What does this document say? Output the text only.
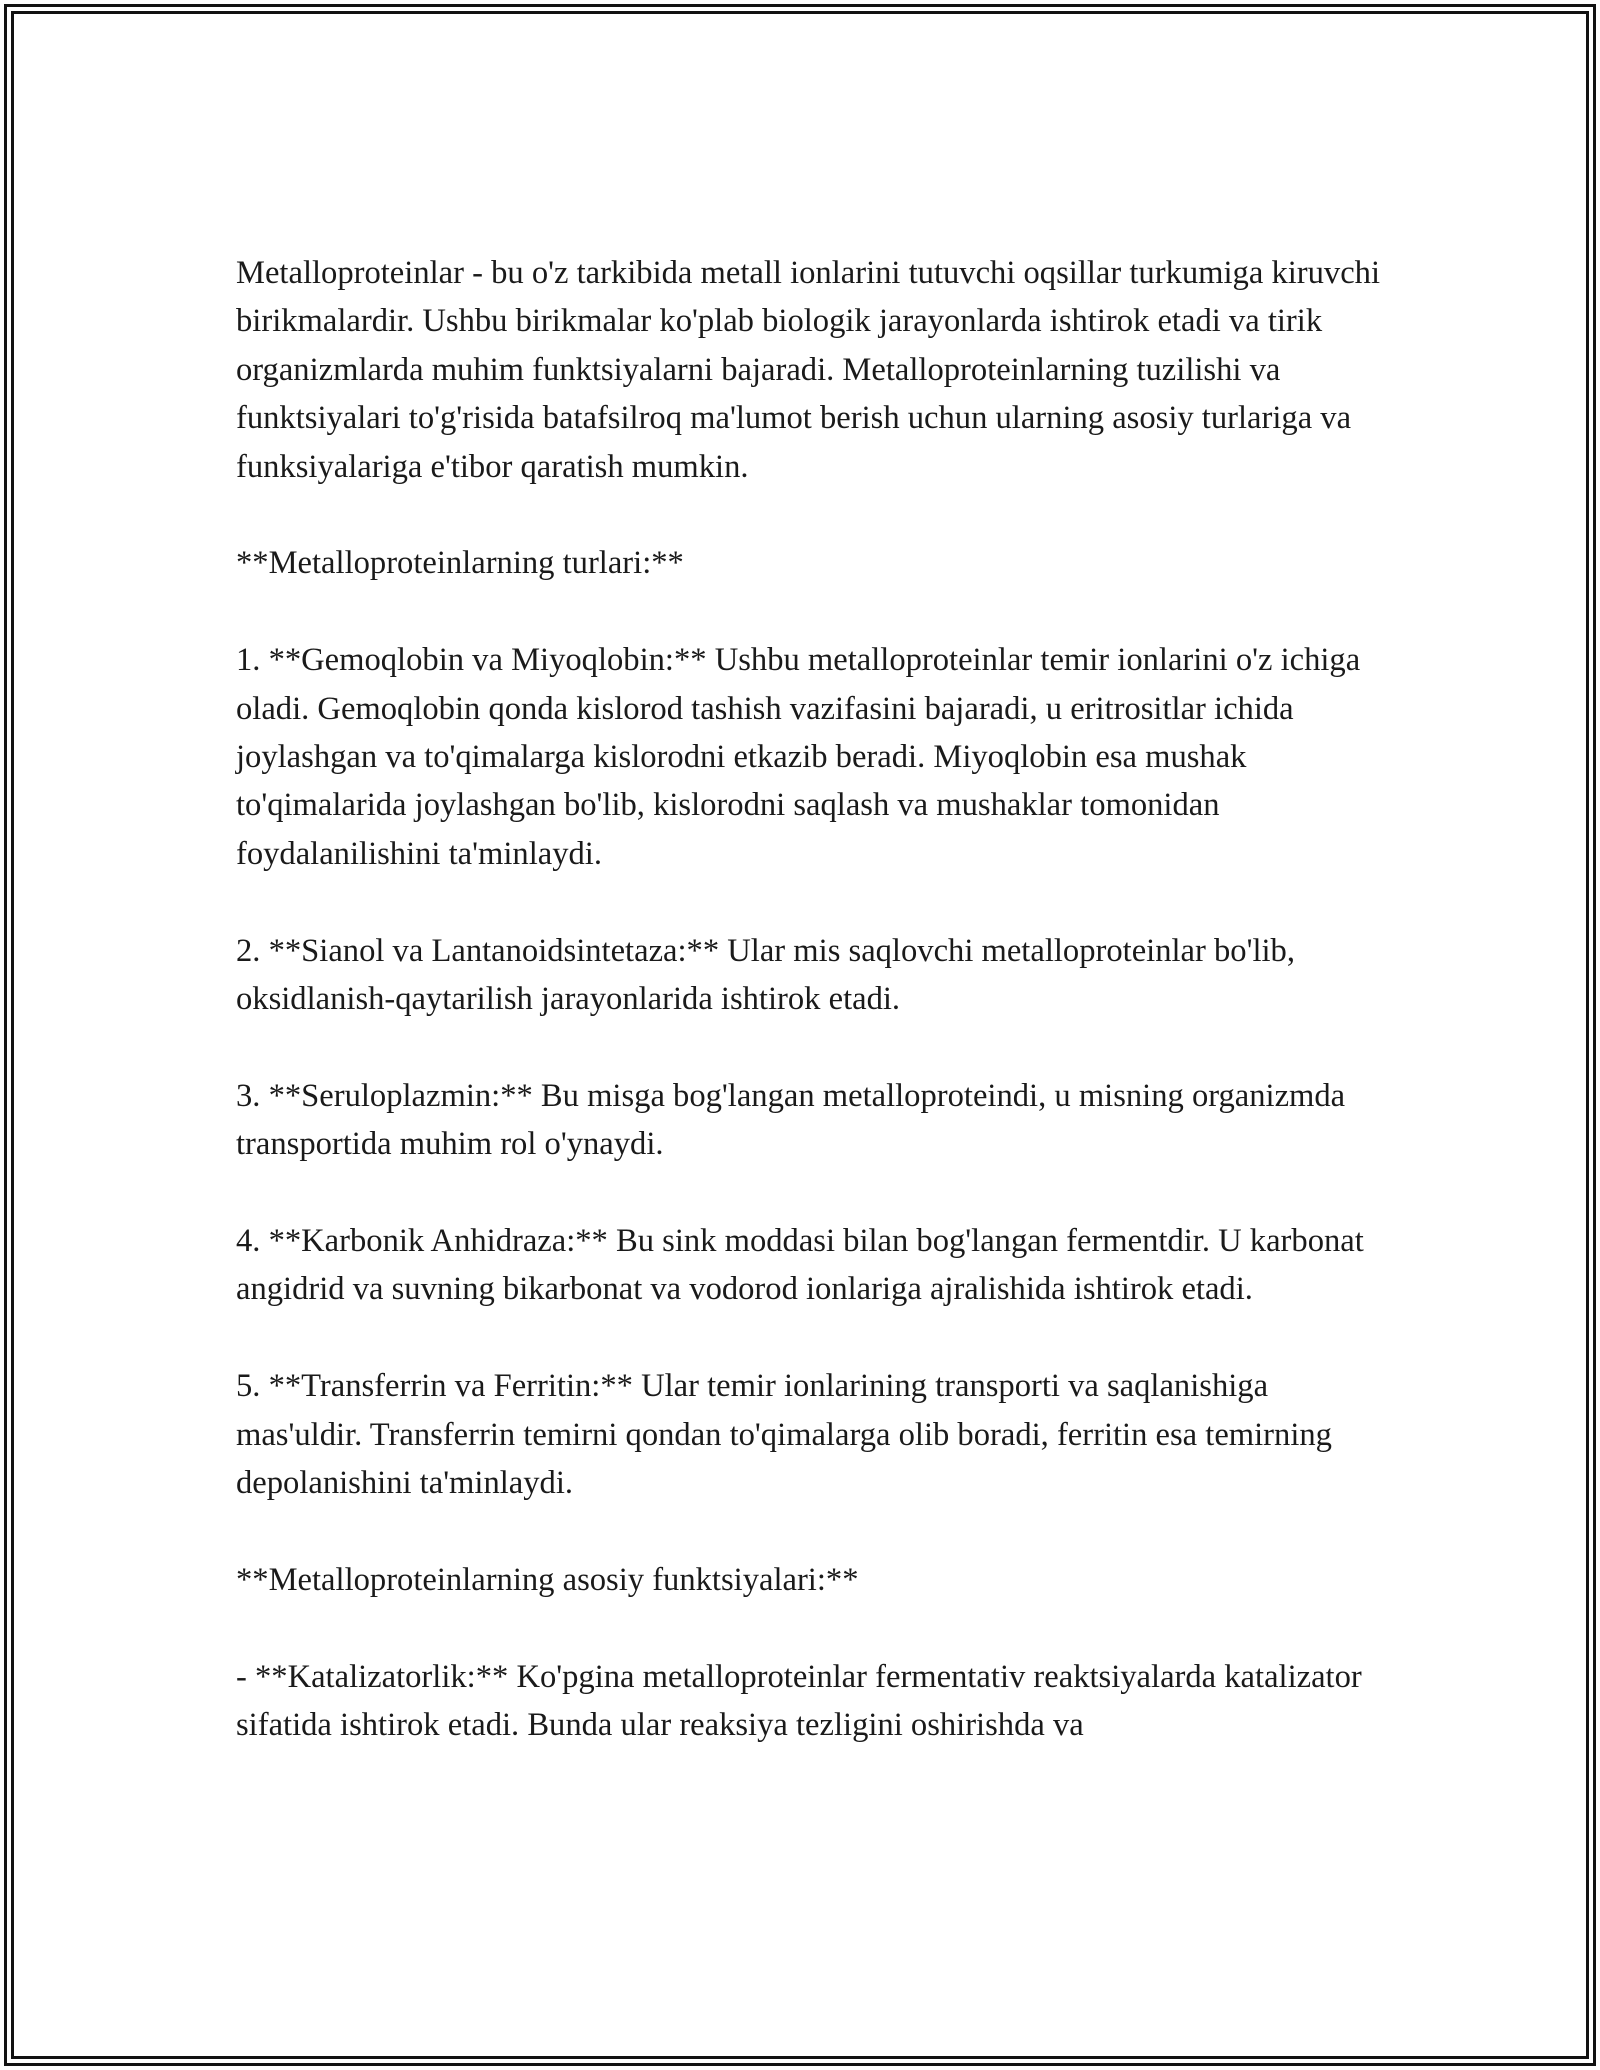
Metalloproteinlar - bu o'z tarkibida metall ionlarini tutuvchi oqsillar turkumiga kiruvchi birikmalardir. Ushbu birikmalar ko'plab biologik jarayonlarda ishtirok etadi va tirik organizmlarda muhim funktsiyalarni bajaradi. Metalloproteinlarning tuzilishi va funktsiyalari to'g'risida batafsilroq ma'lumot berish uchun ularning asosiy turlariga va funksiyalariga e'tibor qaratish mumkin.

**Metalloproteinlarning turlari:**

1. **Gemoqlobin va Miyoqlobin:** Ushbu metalloproteinlar temir ionlarini o'z ichiga oladi. Gemoqlobin qonda kislorod tashish vazifasini bajaradi, u eritrositlar ichida joylashgan va to'qimalarga kislorodni etkazib beradi. Miyoqlobin esa mushak to'qimalarida joylashgan bo'lib, kislorodni saqlash va mushaklar tomonidan foydalanilishini ta'minlaydi.

2. **Sianol va Lantanoidsintetaza:** Ular mis saqlovchi metalloproteinlar bo'lib, oksidlanish-qaytarilish jarayonlarida ishtirok etadi.

3. **Seruloplazmin:** Bu misga bog'langan metalloproteindi, u misning organizmda transportida muhim rol o'ynaydi.

4. **Karbonik Anhidraza:** Bu sink moddasi bilan bog'langan fermentdir. U karbonat angidrid va suvning bikarbonat va vodorod ionlariga ajralishida ishtirok etadi.

5. **Transferrin va Ferritin:** Ular temir ionlarining transporti va saqlanishiga mas'uldir. Transferrin temirni qondan to'qimalarga olib boradi, ferritin esa temirning depolanishini ta'minlaydi.

**Metalloproteinlarning asosiy funktsiyalari:**

- **Katalizatorlik:** Ko'pgina metalloproteinlar fermentativ reaktsiyalarda katalizator sifatida ishtirok etadi. Bunda ular reaksiya tezligini oshirishda va
